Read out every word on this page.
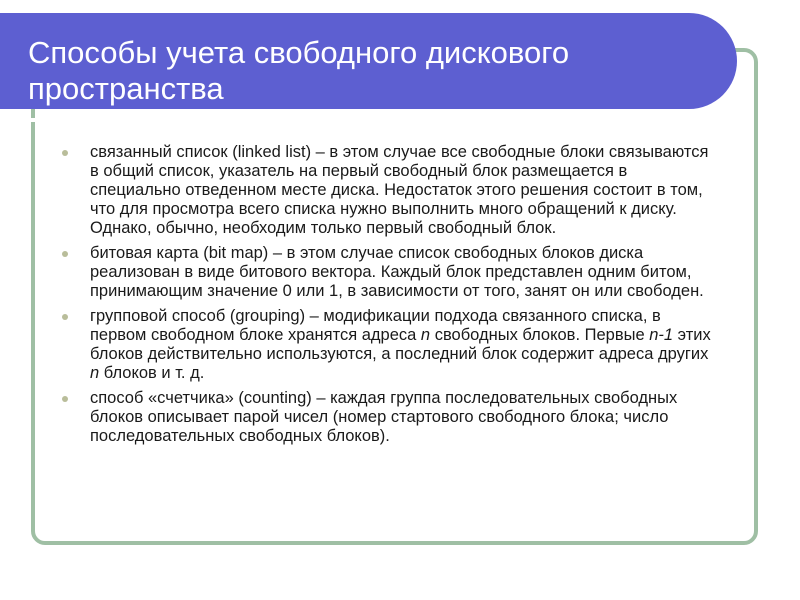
Способы учета свободного дискового пространства
связанный список (linked list) – в этом случае все свободные блоки связываются в общий список, указатель на первый свободный блок размещается в специально отведенном месте диска. Недостаток этого решения состоит в том, что для просмотра всего списка нужно выполнить много обращений к диску. Однако, обычно, необходим только первый свободный блок.
битовая карта (bit map) – в этом случае список свободных блоков диска реализован в виде битового вектора. Каждый блок представлен одним битом, принимающим значение 0 или 1, в зависимости от того, занят он или свободен.
групповой способ (grouping) – модификации подхода связанного списка, в первом свободном блоке хранятся адреса n свободных блоков. Первые n-1 этих блоков действительно используются, а последний блок содержит адреса других n блоков и т. д.
способ «счетчика» (counting) – каждая группа последовательных свободных блоков описывает парой чисел (номер стартового свободного блока; число последовательных свободных блоков).
